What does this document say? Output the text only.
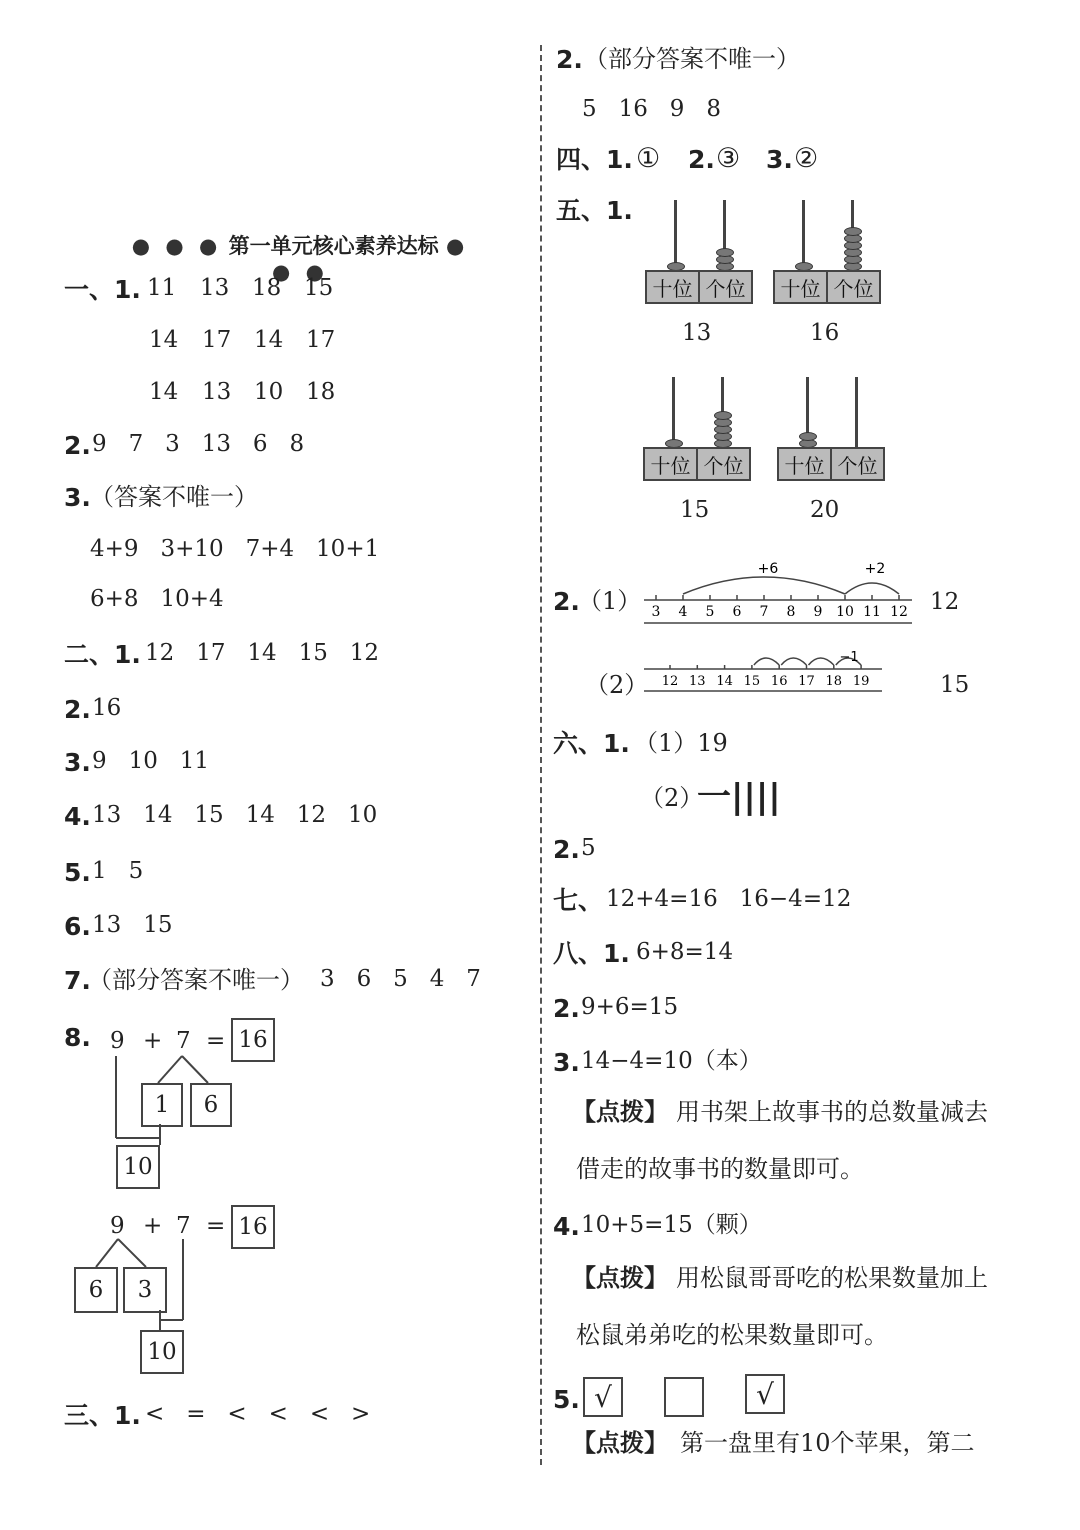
● ● ● 第一单元核心素养达标 ● ● ●
一、1. 11 13 18 15
14 17 14 17
14 13 10 18
2. 9   7   3   13   6   8
3. （答案不唯一）
4+9   3+10   7+4   10+1
6+8   10+4
二、1. 12   17   14   15   12
2. 16
3. 9   10   11
4. 13   14   15   14   12   10
5. 1   5
6. 13   15
7.
（部分答案不唯一） 3   6   5   4   7
8. 9 + 7 = 16
1	6
10
9 + 7 = 16
6	3
10
三、1. <   =   <   <   <   >
2. （部分答案不唯一）
5   16   9   8
四、1. ① 2. ③ 3. ②
五、1.
十位 个位
13
十位 个位
16
十位 个位
15
十位 个位
20
2.
（1） 3 4 5 6 7 8 9 10 11 12
+6	+2
12
（2） 12 13 14 15 16 17 18 19
−1
15
六、1. （1）19
（2）
一||||
2. 5
七、 12+4=16   16−4=12
八、1. 6+8=14
2. 9+6=15
3. 14−4=10（本）
【点拨】 用书架上故事书的总数量减去
借走的故事书的数量即可。
4. 10+5=15（颗）
【点拨】 用松鼠哥哥吃的松果数量加上
松鼠弟弟吃的松果数量即可。
5. √	√
【点拨】 第一盘里有10个苹果，第二
